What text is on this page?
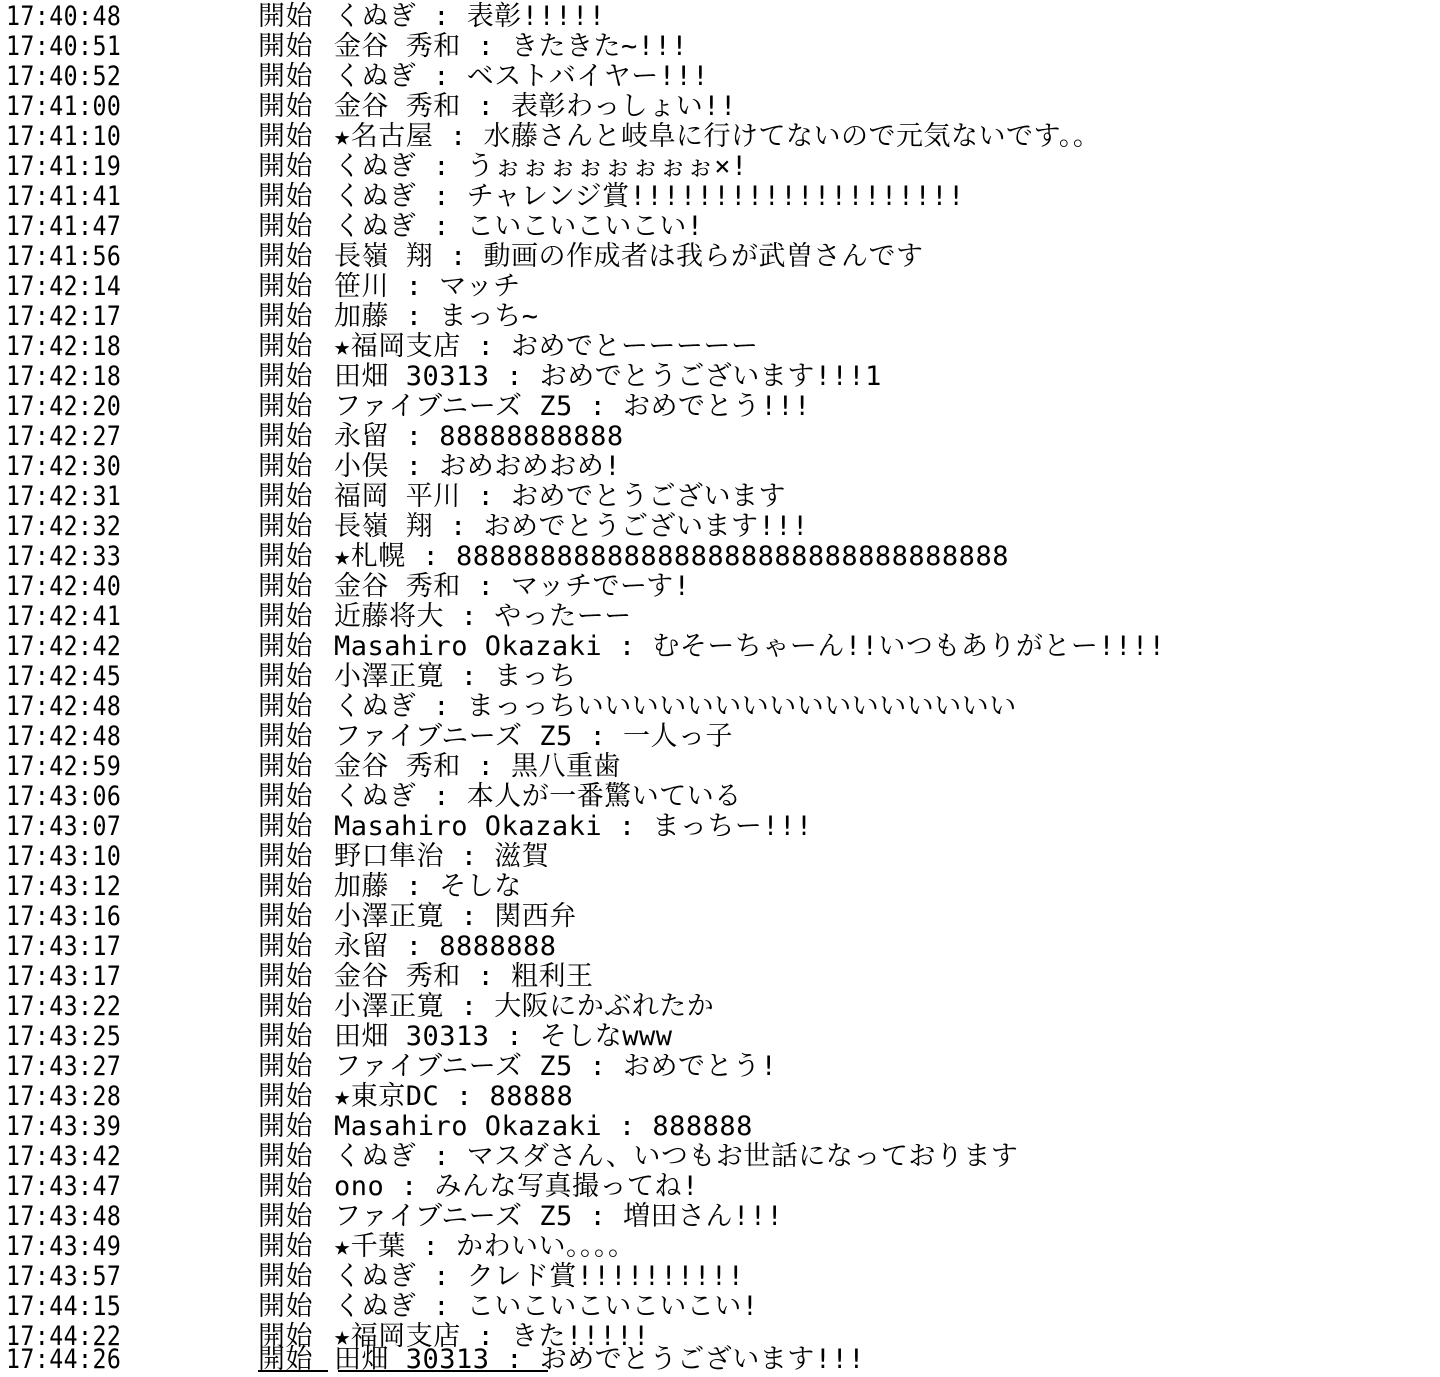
17:40:48	開始 くぬぎ : 表彰!!!!!
17:40:51	開始 金谷 秀和 : きたきた~!!!
17:40:52	開始 くぬぎ : ベストバイヤー!!!
17:41:00	開始 金谷 秀和 : 表彰わっしょい!!
17:41:10	開始 ★名古屋 : 水藤さんと岐阜に行けてないので元気ないです。。
17:41:19	開始 くぬぎ : うぉぉぉぉぉぉぉぉ×!
17:41:41	開始 くぬぎ : チャレンジ賞!!!!!!!!!!!!!!!!!!!!
17:41:47	開始 くぬぎ : こいこいこいこい!
17:41:56	開始 長嶺 翔 : 動画の作成者は我らが武曽さんです
17:42:14	開始 笹川 : マッチ
17:42:17	開始 加藤 : まっち~
17:42:18	開始 ★福岡支店 : おめでとーーーーー
17:42:18	開始 田畑 30313 : おめでとうございます!!!1
17:42:20	開始 ファイブニーズ Z5 : おめでとう!!!
17:42:27	開始 永留 : 88888888888
17:42:30	開始 小俣 : おめおめおめ!
17:42:31	開始 福岡 平川 : おめでとうございます
17:42:32	開始 長嶺 翔 : おめでとうございます!!!
17:42:33	開始 ★札幌 : 888888888888888888888888888888888
17:42:40	開始 金谷 秀和 : マッチでーす!
17:42:41	開始 近藤将大 : やったーー
17:42:42	開始 Masahiro Okazaki : むそーちゃーん!!いつもありがとー!!!!
17:42:45	開始 小澤正寛 : まっち
17:42:48	開始 くぬぎ : まっっちいいいいいいいいいいいいいいいい
17:42:48	開始 ファイブニーズ Z5 : 一人っ子
17:42:59	開始 金谷 秀和 : 黒八重歯
17:43:06	開始 くぬぎ : 本人が一番驚いている
17:43:07	開始 Masahiro Okazaki : まっちー!!!
17:43:10	開始 野口隼治 : 滋賀
17:43:12	開始 加藤 : そしな
17:43:16	開始 小澤正寛 : 関西弁
17:43:17	開始 永留 : 8888888
17:43:17	開始 金谷 秀和 : 粗利王
17:43:22	開始 小澤正寛 : 大阪にかぶれたか
17:43:25	開始 田畑 30313 : そしなwww
17:43:27	開始 ファイブニーズ Z5 : おめでとう!
17:43:28	開始 ★東京DC : 88888
17:43:39	開始 Masahiro Okazaki : 888888
17:43:42	開始 くぬぎ : マスダさん、いつもお世話になっております
17:43:47	開始 ono : みんな写真撮ってね!
17:43:48	開始 ファイブニーズ Z5 : 増田さん!!!
17:43:49	開始 ★千葉 : かわいい。。。。
17:43:57	開始 くぬぎ : クレド賞!!!!!!!!!!
17:44:15	開始 くぬぎ : こいこいこいこいこい!
17:44:22	開始 ★福岡支店 : きた!!!!!
17:44:26	開始 田畑 30313 : おめでとうございます!!!
